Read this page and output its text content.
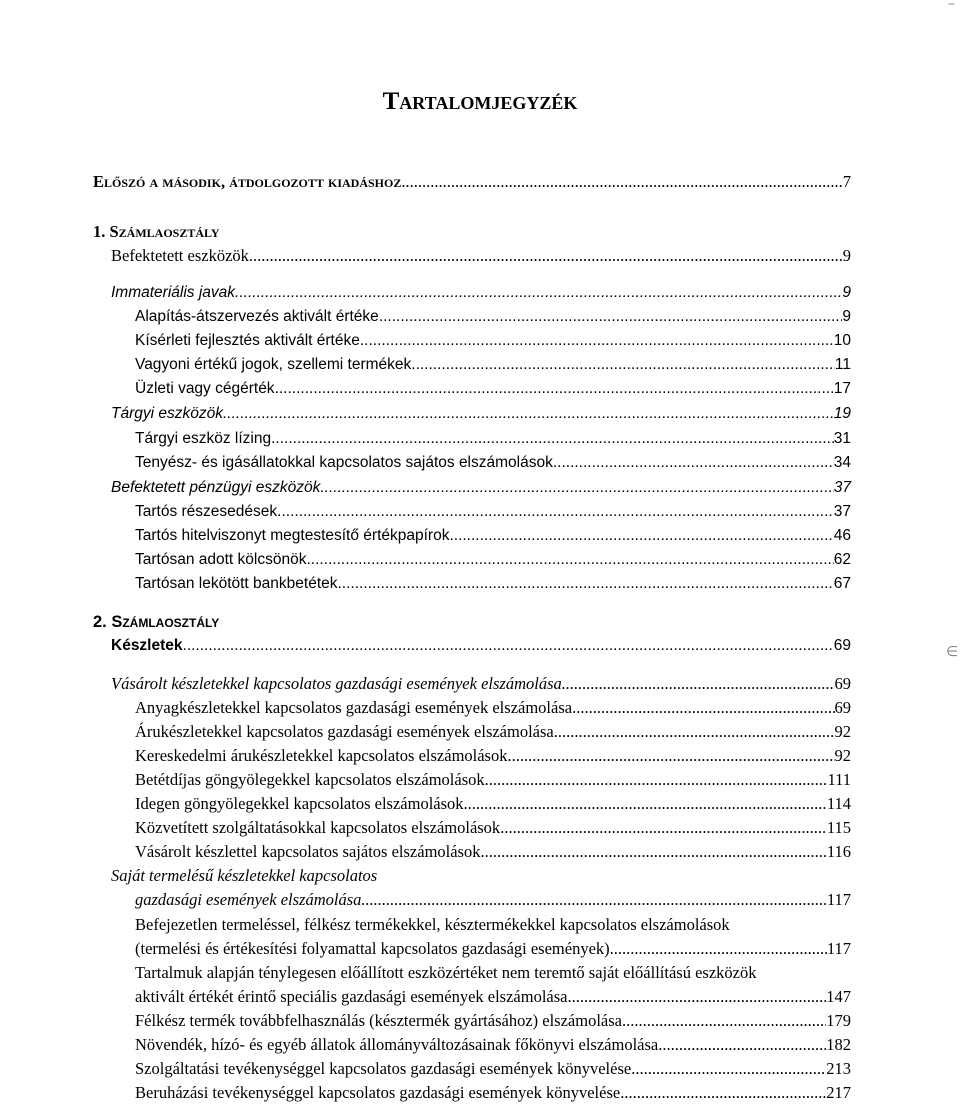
Tartalomjegyzék
Előszó a második, átdolgozott kiadáshoz .....	7
1. Számlaosztály
Befektetett eszközök .....	9
Immateriális javak .....	9
Alapítás-átszervezés aktivált értéke .....	9
Kísérleti fejlesztés aktivált értéke .....	10
Vagyoni értékű jogok, szellemi termékek .....	11
Üzleti vagy cégérték .....	17
Tárgyi eszközök .....	19
Tárgyi eszköz lízing .....	31
Tenyész- és igásállatokkal kapcsolatos sajátos elszámolások .....	34
Befektetett pénzügyi eszközök .....	37
Tartós részesedések .....	37
Tartós hitelviszonyt megtestesítő értékpapírok .....	46
Tartósan adott kölcsönök .....	62
Tartósan lekötött bankbetétek .....	67
2. Számlaosztály
Készletek .....	69
Vásárolt készletekkel kapcsolatos gazdasági események elszámolása .....	69
Anyagkészletekkel kapcsolatos gazdasági események elszámolása .....	69
Árukészletekkel kapcsolatos gazdasági események elszámolása .....	92
Kereskedelmi árukészletekkel kapcsolatos elszámolások .....	92
Betétdíjas göngyölegekkel kapcsolatos elszámolások .....	111
Idegen göngyölegekkel kapcsolatos elszámolások .....	114
Közvetített szolgáltatásokkal kapcsolatos elszámolások .....	115
Vásárolt készlettel kapcsolatos sajátos elszámolások .....	116
Saját termelésű készletekkel kapcsolatos
gazdasági események elszámolása .....	117
Befejezetlen termeléssel, félkész termékekkel, késztermékekkel kapcsolatos elszámolások
(termelési és értékesítési folyamattal kapcsolatos gazdasági események) .....	117
Tartalmuk alapján ténylegesen előállított eszközértéket nem teremtő saját előállítású eszközök
aktivált értékét érintő speciális gazdasági események elszámolása .....	147
Félkész termék továbbfelhasználás (késztermék gyártásához) elszámolása .....	179
Növendék, hízó- és egyéb állatok állományváltozásainak főkönyvi elszámolása .....	182
Szolgáltatási tevékenységgel kapcsolatos gazdasági események könyvelése .....	213
Beruházási tevékenységgel kapcsolatos gazdasági események könyvelése .....	217
∈
–
